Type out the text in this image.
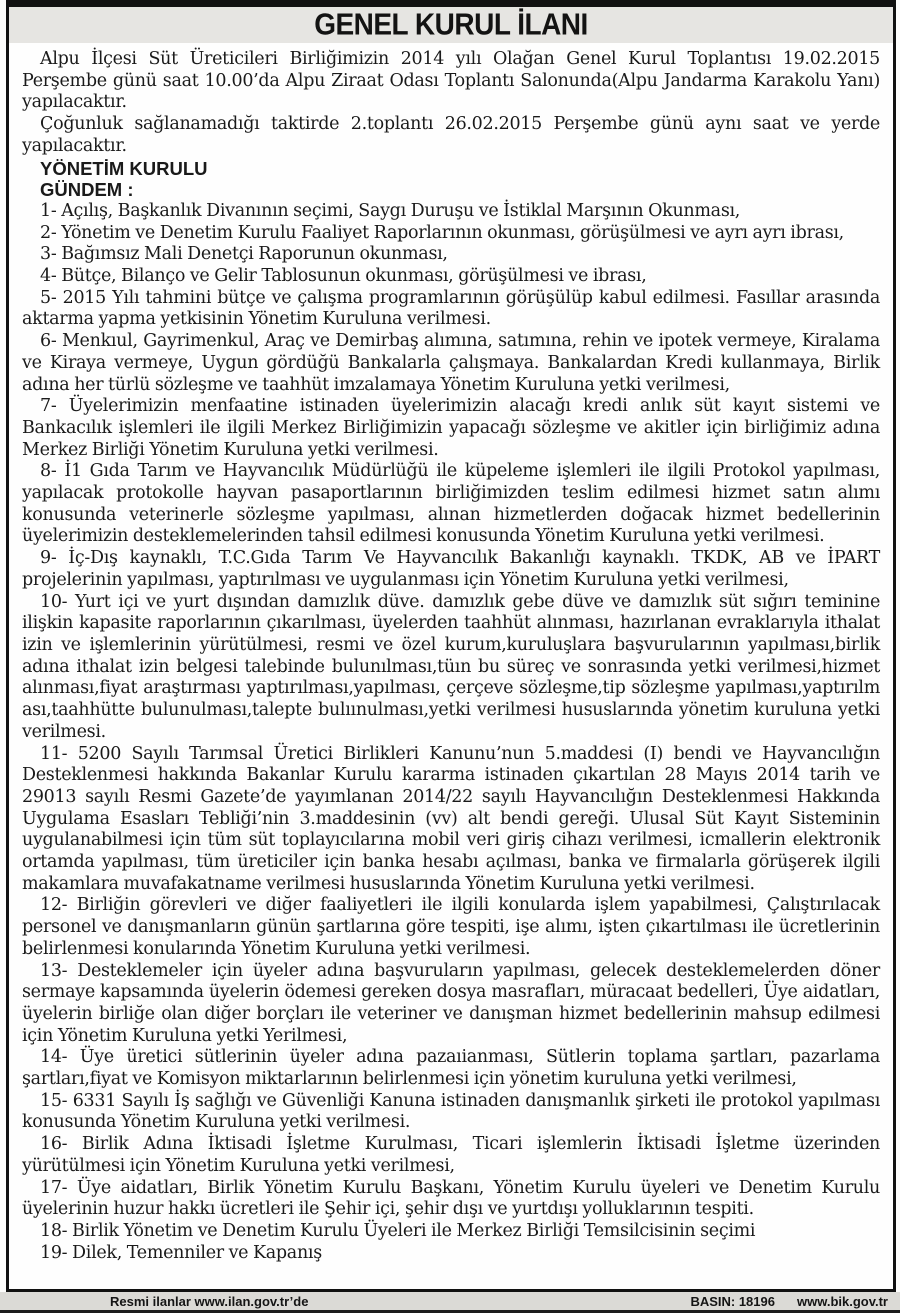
GENEL KURUL İLANI

Alpu İlçesi Süt Üreticileri Birliğimizin 2014 yılı Olağan Genel Kurul Toplantısı 19.02.2015 Perşembe günü saat 10.00’da Alpu Ziraat Odası Toplantı Salonunda(Alpu Jandarma Karakolu Yanı) yapılacaktır.

Çoğunluk sağlanamadığı taktirde 2.toplantı 26.02.2015 Perşembe günü aynı saat ve yerde yapılacaktır.

YÖNETİM KURULU

GÜNDEM :

1- Açılış, Başkanlık Divanının seçimi, Saygı Duruşu ve İstiklal Marşının Okunması,

2- Yönetim ve Denetim Kurulu Faaliyet Raporlarının okunması, görüşülmesi ve ayrı ayrı ibrası,

3- Bağımsız Mali Denetçi Raporunun okunması,

4- Bütçe, Bilanço ve Gelir Tablosunun okunması, görüşülmesi ve ibrası,

5- 2015 Yılı tahmini bütçe ve çalışma programlarının görüşülüp kabul edilmesi. Fasıllar arasında aktarma yapma yetkisinin Yönetim Kuruluna verilmesi.

6- Menkıul, Gayrimenkul, Araç ve Demirbaş alımına, satımına, rehin ve ipotek vermeye, Kiralama ve Kiraya vermeye, Uygun gördüğü Bankalarla çalışmaya. Bankalardan Kredi kullanmaya, Birlik adına her türlü sözleşme ve taahhüt imzalamaya Yönetim Kuruluna yetki verilmesi,

7- Üyelerimizin menfaatine istinaden üyelerimizin alacağı kredi anlık süt kayıt sistemi ve Bankacılık işlemleri ile ilgili Merkez Birliğimizin yapacağı sözleşme ve akitler için birliğimiz adına Merkez Birliği Yönetim Kuruluna yetki verilmesi.

8- İ1 Gıda Tarım ve Hayvancılık Müdürlüğü ile küpeleme işlemleri ile ilgili Protokol yapılması, yapılacak protokolle hayvan pasaportlarının birliğimizden teslim edilmesi hizmet satın alımı konusunda veterinerle sözleşme yapılması, alınan hizmetlerden doğacak hizmet bedellerinin üyelerimizin desteklemelerinden tahsil edilmesi konusunda Yönetim Kuruluna yetki verilmesi.

9- İç-Dış kaynaklı, T.C.Gıda Tarım Ve Hayvancılık Bakanlığı kaynaklı. TKDK, AB ve İPART projelerinin yapılması, yaptırılması ve uygulanması için Yönetim Kuruluna yetki verilmesi,

10- Yurt içi ve yurt dışından damızlık düve. damızlık gebe düve ve damızlık süt sığırı teminine ilişkin kapasite raporlarının çıkarılması, üyelerden taahhüt alınması, hazırlanan evraklarıyla ithalat izin ve işlemlerinin yürütülmesi, resmi ve özel kurum,kuruluşlara başvurularının yapılması,birlik adına ithalat izin belgesi talebinde bulunılması,tüın bu süreç ve sonrasında yetki verilmesi,hizmet alınması,fiyat araştırması yaptırılması,yapılması, çerçeve sözleşme,tip sözleşme yapılması,yaptırılm ası,taahhütte bulunulması,talepte bulıınulması,yetki verilmesi hususlarında yönetim kuruluna yetki verilmesi.

11- 5200 Sayılı Tarımsal Üretici Birlikleri Kanunu’nun 5.maddesi (I) bendi ve Hayvancılığın Desteklenmesi hakkında Bakanlar Kurulu kararma istinaden çıkartılan 28 Mayıs 2014 tarih ve 29013 sayılı Resmi Gazete’de yayımlanan 2014/22 sayılı Hayvancılığın Desteklenmesi Hakkında Uygulama Esasları Tebliği’nin 3.maddesinin (vv) alt bendi gereği. Ulusal Süt Kayıt Sisteminin uygulanabilmesi için tüm süt toplayıcılarına mobil veri giriş cihazı verilmesi, icmallerin elektronik ortamda yapılması, tüm üreticiler için banka hesabı açılması, banka ve firmalarla görüşerek ilgili makamlara muvafakatname verilmesi hususlarında Yönetim Kuruluna yetki verilmesi.

12- Birliğin görevleri ve diğer faaliyetleri ile ilgili konularda işlem yapabilmesi, Çalıştırılacak personel ve danışmanların günün şartlarına göre tespiti, işe alımı, işten çıkartılması ile ücretlerinin belirlenmesi konularında Yönetim Kuruluna yetki verilmesi.

13- Desteklemeler için üyeler adına başvuruların yapılması, gelecek desteklemelerden döner sermaye kapsamında üyelerin ödemesi gereken dosya masrafları, müracaat bedelleri, Üye aidatları, üyelerin birliğe olan diğer borçları ile veteriner ve danışman hizmet bedellerinin mahsup edilmesi için Yönetim Kuruluna yetki Yerilmesi,

14- Üye üretici sütlerinin üyeler adına pazaıianması, Sütlerin toplama şartları, pazarlama şartları,fiyat ve Komisyon miktarlarının belirlenmesi için yönetim kuruluna yetki verilmesi,

15- 6331 Sayılı İş sağlığı ve Güvenliği Kanuna istinaden danışmanlık şirketi ile protokol yapılması konusunda Yönetim Kuruluna yetki verilmesi.

16- Birlik Adına İktisadi İşletme Kurulması, Ticari işlemlerin İktisadi İşletme üzerinden yürütülmesi için Yönetim Kuruluna yetki verilmesi,

17- Üye aidatları, Birlik Yönetim Kurulu Başkanı, Yönetim Kurulu üyeleri ve Denetim Kurulu üyelerinin huzur hakkı ücretleri ile Şehir içi, şehir dışı ve yurtdışı yolluklarının tespiti.

18- Birlik Yönetim ve Denetim Kurulu Üyeleri ile Merkez Birliği Temsilcisinin seçimi

19- Dilek, Temenniler ve Kapanış

Resmi ilanlar www.ilan.gov.tr’de	BASIN: 18196 www.bik.gov.tr
